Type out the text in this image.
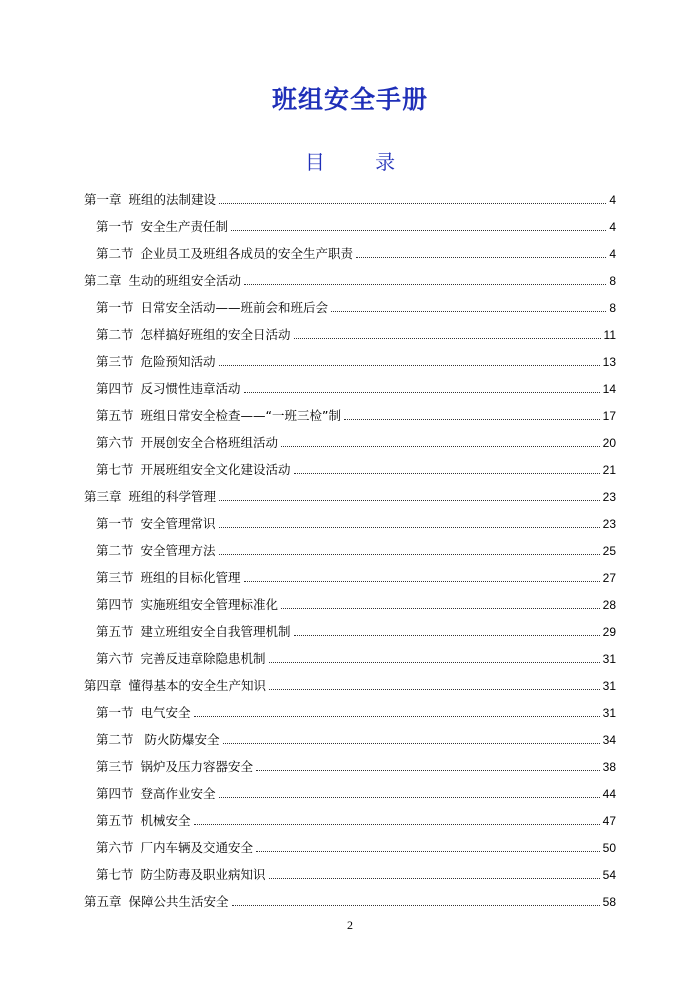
班组安全手册
目 录
第一章 班组的法制建设	4
第一节 安全生产责任制	4
第二节 企业员工及班组各成员的安全生产职责	4
第二章 生动的班组安全活动	8
第一节 日常安全活动——班前会和班后会	8
第二节 怎样搞好班组的安全日活动	11
第三节 危险预知活动	13
第四节 反习惯性违章活动	14
第五节 班组日常安全检查——“一班三检”制	17
第六节 开展创安全合格班组活动	20
第七节 开展班组安全文化建设活动	21
第三章 班组的科学管理	23
第一节 安全管理常识	23
第二节 安全管理方法	25
第三节 班组的目标化管理	27
第四节 实施班组安全管理标准化	28
第五节 建立班组安全自我管理机制	29
第六节 完善反违章除隐患机制	31
第四章 懂得基本的安全生产知识	31
第一节 电气安全	31
第二节 防火防爆安全	34
第三节 锅炉及压力容器安全	38
第四节 登高作业安全	44
第五节 机械安全	47
第六节 厂内车辆及交通安全	50
第七节 防尘防毒及职业病知识	54
第五章 保障公共生活安全	58
2
